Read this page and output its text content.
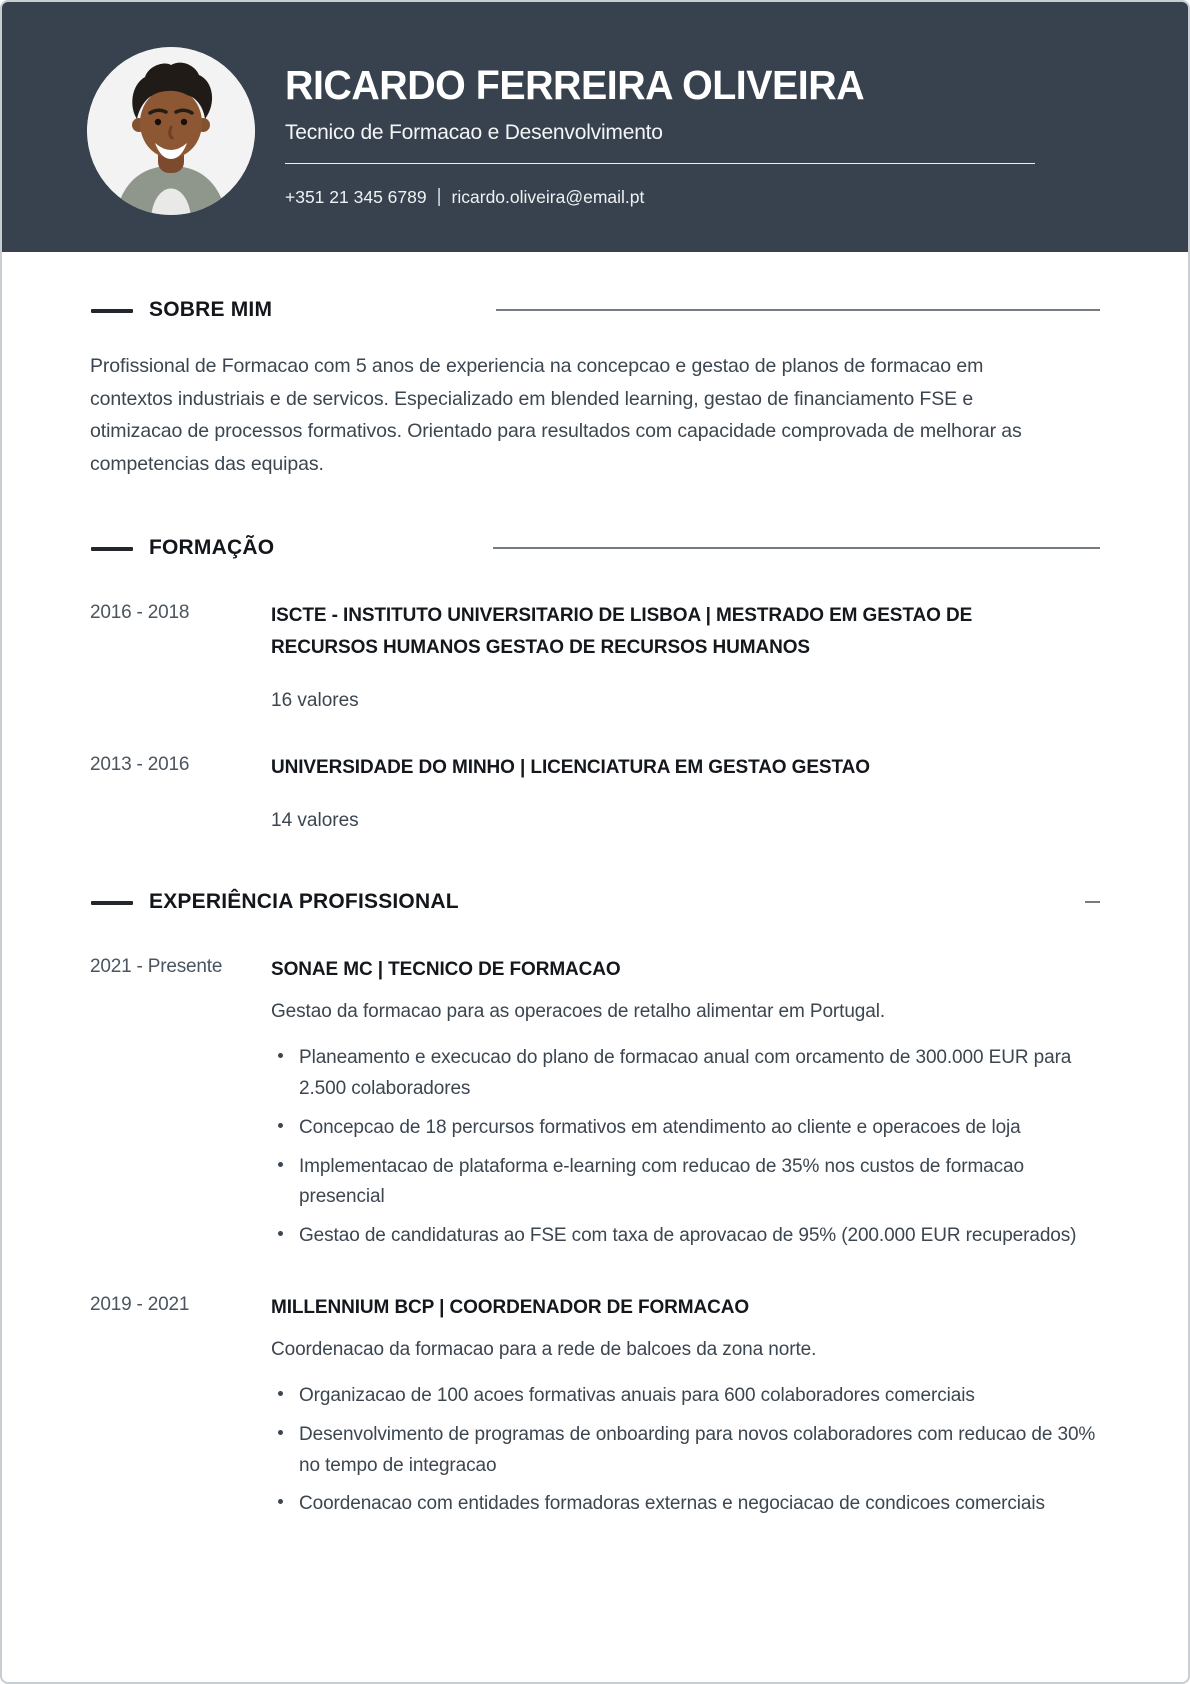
RICARDO FERREIRA OLIVEIRA
Tecnico de Formacao e Desenvolvimento
+351 21 345 6789 | ricardo.oliveira@email.pt
SOBRE MIM

Profissional de Formacao com 5 anos de experiencia na concepcao e gestao de planos de formacao em contextos industriais e de servicos. Especializado em blended learning, gestao de financiamento FSE e otimizacao de processos formativos. Orientado para resultados com capacidade comprovada de melhorar as competencias das equipas.

FORMAÇÃO
2016 - 2018	ISCTE - INSTITUTO UNIVERSITARIO DE LISBOA | MESTRADO EM GESTAO DE RECURSOS HUMANOS GESTAO DE RECURSOS HUMANOS
16 valores
2013 - 2016	UNIVERSIDADE DO MINHO | LICENCIATURA EM GESTAO GESTAO
14 valores
EXPERIÊNCIA PROFISSIONAL
2021 - Presente	SONAE MC | TECNICO DE FORMACAO
Gestao da formacao para as operacoes de retalho alimentar em Portugal.
Planeamento e execucao do plano de formacao anual com orcamento de 300.000 EUR para 2.500 colaboradores
Concepcao de 18 percursos formativos em atendimento ao cliente e operacoes de loja
Implementacao de plataforma e-learning com reducao de 35% nos custos de formacao presencial
Gestao de candidaturas ao FSE com taxa de aprovacao de 95% (200.000 EUR recuperados)
2019 - 2021	MILLENNIUM BCP | COORDENADOR DE FORMACAO
Coordenacao da formacao para a rede de balcoes da zona norte.
Organizacao de 100 acoes formativas anuais para 600 colaboradores comerciais
Desenvolvimento de programas de onboarding para novos colaboradores com reducao de 30% no tempo de integracao
Coordenacao com entidades formadoras externas e negociacao de condicoes comerciais
